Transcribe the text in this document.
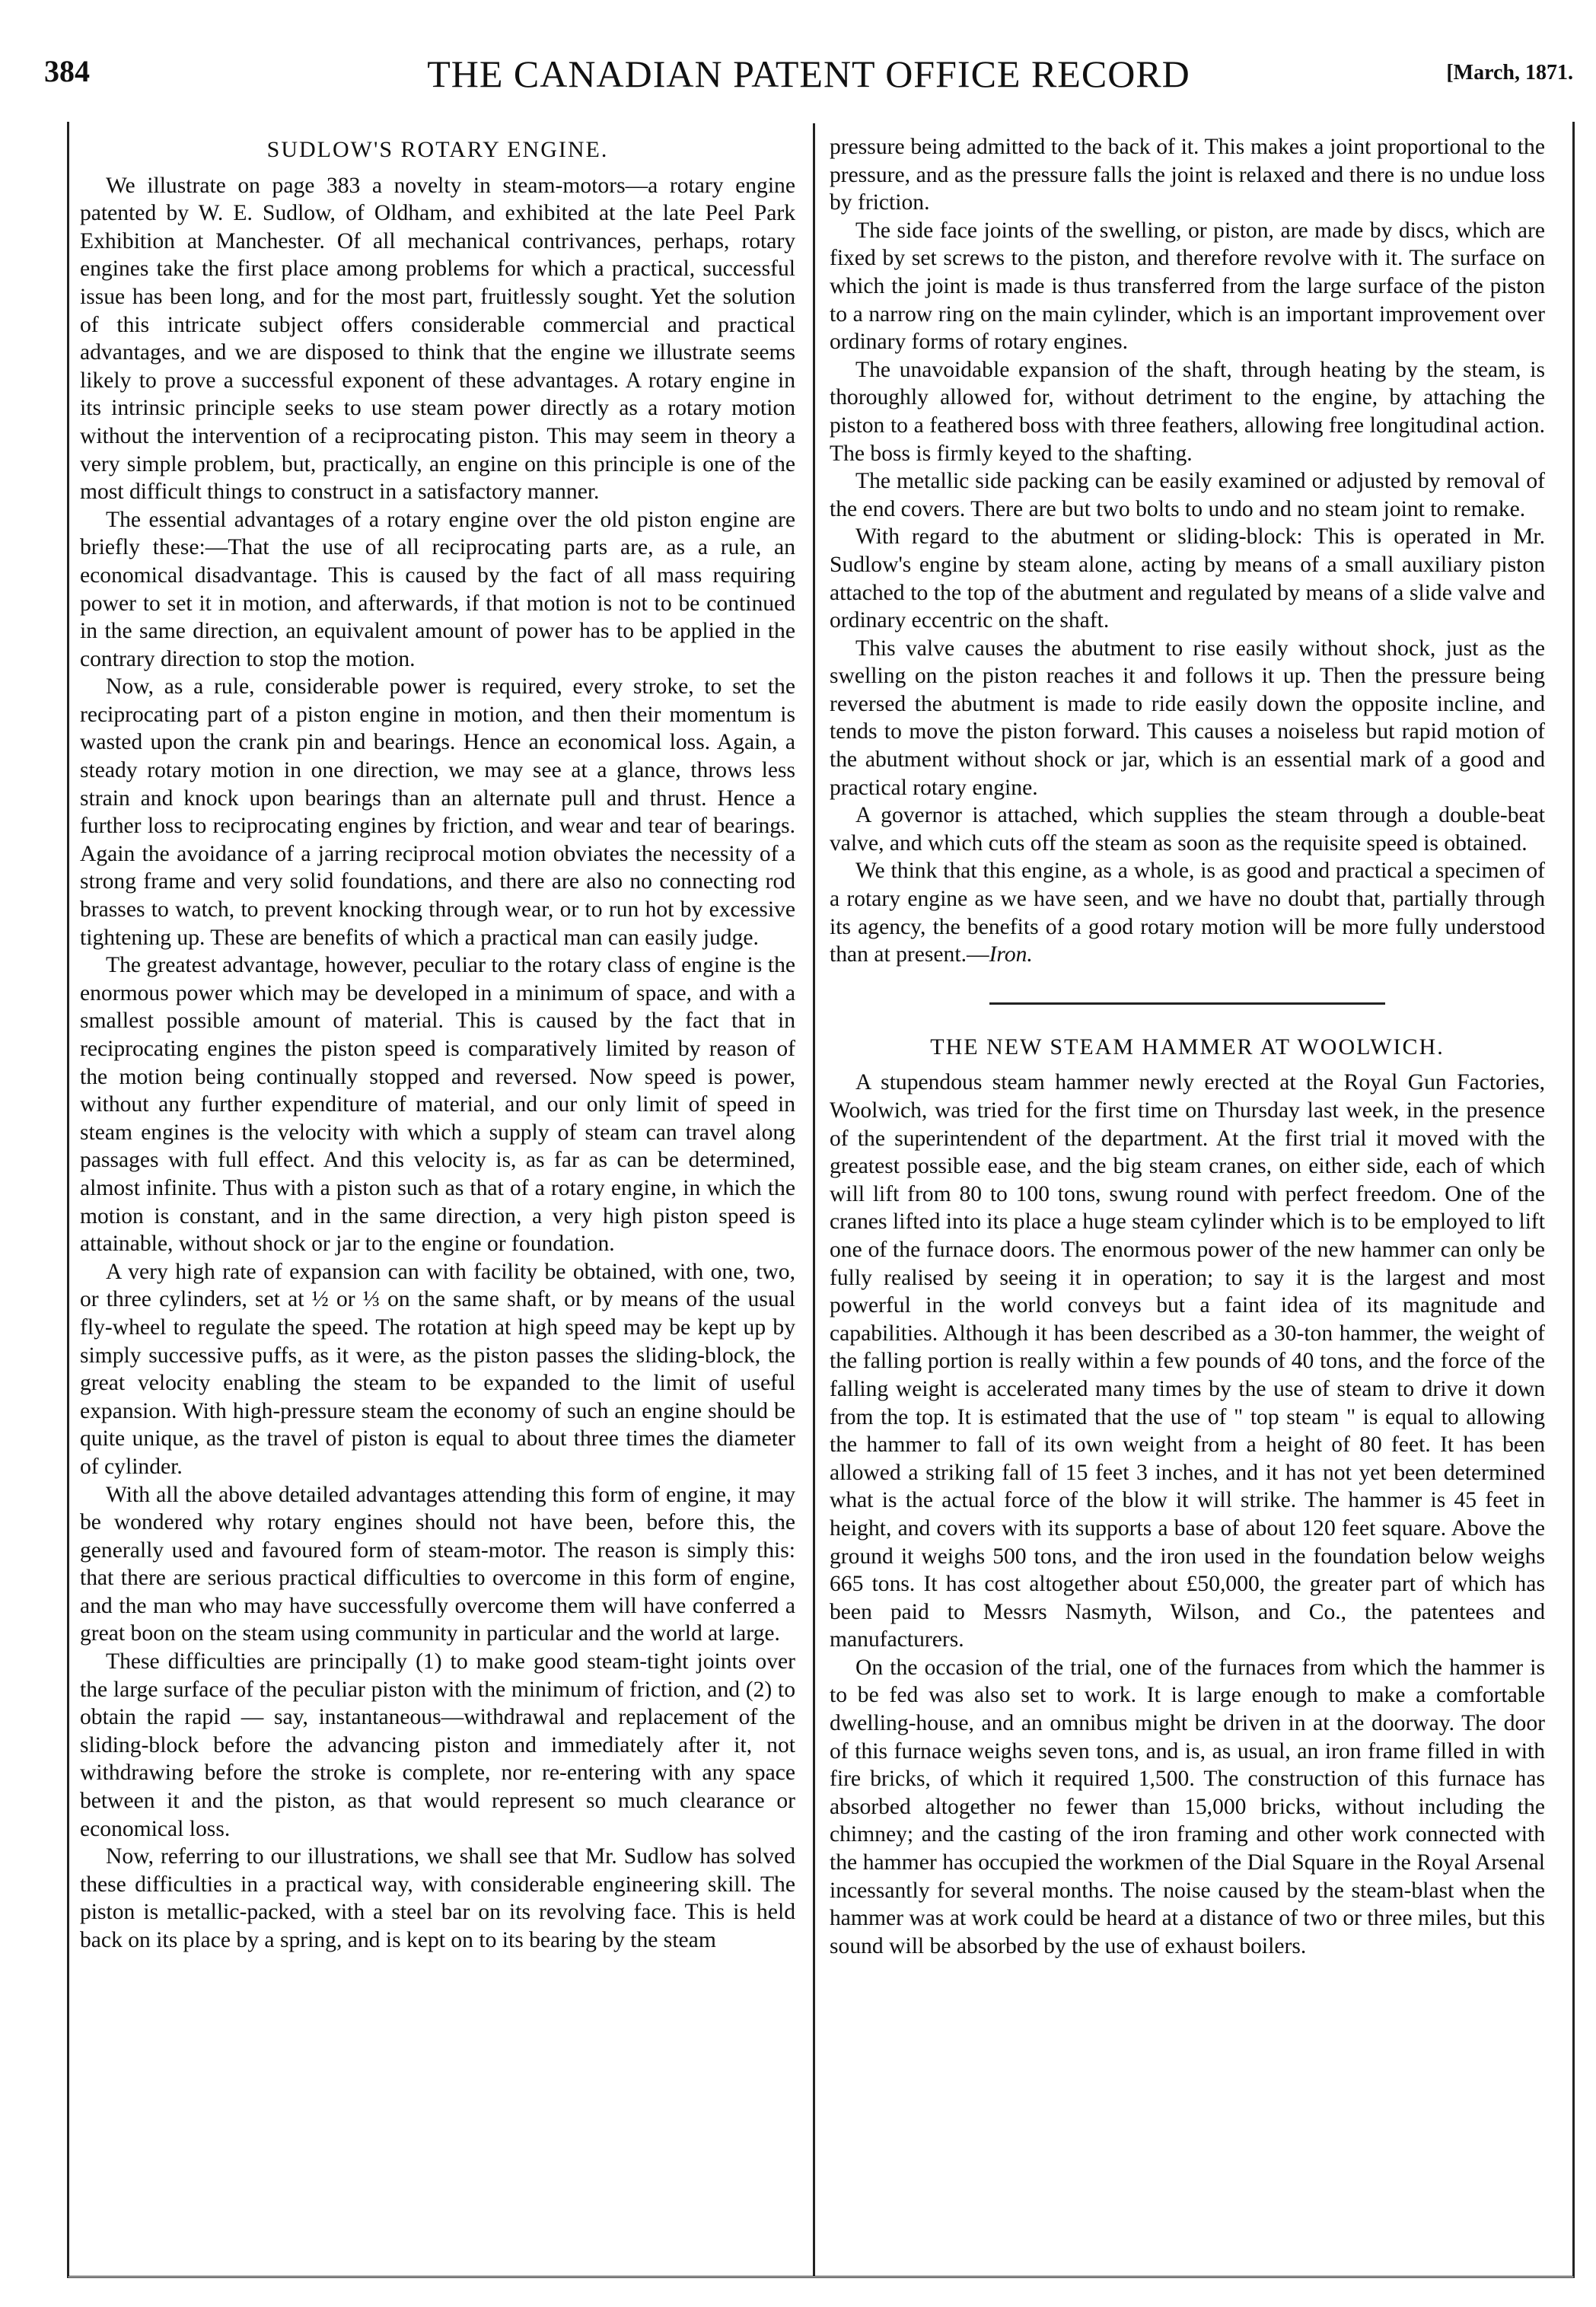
384	THE CANADIAN PATENT OFFICE RECORD	[March, 1871.
SUDLOW'S ROTARY ENGINE.

We illustrate on page 383 a novelty in steam-motors—a rotary engine patented by W. E. Sudlow, of Oldham, and exhibited at the late Peel Park Exhibition at Manchester. Of all mechanical contrivances, perhaps, rotary engines take the first place among problems for which a practical, successful issue has been long, and for the most part, fruitlessly sought. Yet the solution of this intricate subject offers considerable commercial and practical advantages, and we are disposed to think that the engine we illustrate seems likely to prove a successful exponent of these advantages. A rotary engine in its intrinsic principle seeks to use steam power directly as a rotary motion without the intervention of a reciprocating piston. This may seem in theory a very simple problem, but, practically, an engine on this principle is one of the most difficult things to construct in a satisfactory manner.

The essential advantages of a rotary engine over the old piston engine are briefly these:—That the use of all reciprocating parts are, as a rule, an economical disadvantage. This is caused by the fact of all mass requiring power to set it in motion, and afterwards, if that motion is not to be continued in the same direction, an equivalent amount of power has to be applied in the contrary direction to stop the motion.

Now, as a rule, considerable power is required, every stroke, to set the reciprocating part of a piston engine in motion, and then their momentum is wasted upon the crank pin and bearings. Hence an economical loss. Again, a steady rotary motion in one direction, we may see at a glance, throws less strain and knock upon bearings than an alternate pull and thrust. Hence a further loss to reciprocating engines by friction, and wear and tear of bearings. Again the avoidance of a jarring reciprocal motion obviates the necessity of a strong frame and very solid foundations, and there are also no connecting rod brasses to watch, to prevent knocking through wear, or to run hot by excessive tightening up. These are benefits of which a practical man can easily judge.

The greatest advantage, however, peculiar to the rotary class of engine is the enormous power which may be developed in a minimum of space, and with a smallest possible amount of material. This is caused by the fact that in reciprocating engines the piston speed is comparatively limited by reason of the motion being continually stopped and reversed. Now speed is power, without any further expenditure of material, and our only limit of speed in steam engines is the velocity with which a supply of steam can travel along passages with full effect. And this velocity is, as far as can be determined, almost infinite. Thus with a piston such as that of a rotary engine, in which the motion is constant, and in the same direction, a very high piston speed is attainable, without shock or jar to the engine or foundation.

A very high rate of expansion can with facility be obtained, with one, two, or three cylinders, set at ½ or ⅓ on the same shaft, or by means of the usual fly-wheel to regulate the speed. The rotation at high speed may be kept up by simply successive puffs, as it were, as the piston passes the sliding-block, the great velocity enabling the steam to be expanded to the limit of useful expansion. With high-pressure steam the economy of such an engine should be quite unique, as the travel of piston is equal to about three times the diameter of cylinder.

With all the above detailed advantages attending this form of engine, it may be wondered why rotary engines should not have been, before this, the generally used and favoured form of steam-motor. The reason is simply this: that there are serious practical difficulties to overcome in this form of engine, and the man who may have successfully overcome them will have conferred a great boon on the steam using community in particular and the world at large.

These difficulties are principally (1) to make good steam-tight joints over the large surface of the peculiar piston with the minimum of friction, and (2) to obtain the rapid — say, instantaneous—withdrawal and replacement of the sliding-block before the advancing piston and immediately after it, not withdrawing before the stroke is complete, nor re-entering with any space between it and the piston, as that would represent so much clearance or economical loss.

Now, referring to our illustrations, we shall see that Mr. Sudlow has solved these difficulties in a practical way, with considerable engineering skill. The piston is metallic-packed, with a steel bar on its revolving face. This is held back on its place by a spring, and is kept on to its bearing by the steam

pressure being admitted to the back of it. This makes a joint proportional to the pressure, and as the pressure falls the joint is relaxed and there is no undue loss by friction.

The side face joints of the swelling, or piston, are made by discs, which are fixed by set screws to the piston, and therefore revolve with it. The surface on which the joint is made is thus transferred from the large surface of the piston to a narrow ring on the main cylinder, which is an important improvement over ordinary forms of rotary engines.

The unavoidable expansion of the shaft, through heating by the steam, is thoroughly allowed for, without detriment to the engine, by attaching the piston to a feathered boss with three feathers, allowing free longitudinal action. The boss is firmly keyed to the shafting.

The metallic side packing can be easily examined or adjusted by removal of the end covers. There are but two bolts to undo and no steam joint to remake.

With regard to the abutment or sliding-block: This is operated in Mr. Sudlow's engine by steam alone, acting by means of a small auxiliary piston attached to the top of the abutment and regulated by means of a slide valve and ordinary eccentric on the shaft.

This valve causes the abutment to rise easily without shock, just as the swelling on the piston reaches it and follows it up. Then the pressure being reversed the abutment is made to ride easily down the opposite incline, and tends to move the piston forward. This causes a noiseless but rapid motion of the abutment without shock or jar, which is an essential mark of a good and practical rotary engine.

A governor is attached, which supplies the steam through a double-beat valve, and which cuts off the steam as soon as the requisite speed is obtained.

We think that this engine, as a whole, is as good and practical a specimen of a rotary engine as we have seen, and we have no doubt that, partially through its agency, the benefits of a good rotary motion will be more fully understood than at present.—Iron.

THE NEW STEAM HAMMER AT WOOLWICH.

A stupendous steam hammer newly erected at the Royal Gun Factories, Woolwich, was tried for the first time on Thursday last week, in the presence of the superintendent of the department. At the first trial it moved with the greatest possible ease, and the big steam cranes, on either side, each of which will lift from 80 to 100 tons, swung round with perfect freedom. One of the cranes lifted into its place a huge steam cylinder which is to be employed to lift one of the furnace doors. The enormous power of the new hammer can only be fully realised by seeing it in operation; to say it is the largest and most powerful in the world conveys but a faint idea of its magnitude and capabilities. Although it has been described as a 30-ton hammer, the weight of the falling portion is really within a few pounds of 40 tons, and the force of the falling weight is accelerated many times by the use of steam to drive it down from the top. It is estimated that the use of " top steam " is equal to allowing the hammer to fall of its own weight from a height of 80 feet. It has been allowed a striking fall of 15 feet 3 inches, and it has not yet been determined what is the actual force of the blow it will strike. The hammer is 45 feet in height, and covers with its supports a base of about 120 feet square. Above the ground it weighs 500 tons, and the iron used in the foundation below weighs 665 tons. It has cost altogether about £50,000, the greater part of which has been paid to Messrs Nasmyth, Wilson, and Co., the patentees and manufacturers.

On the occasion of the trial, one of the furnaces from which the hammer is to be fed was also set to work. It is large enough to make a comfortable dwelling-house, and an omnibus might be driven in at the doorway. The door of this furnace weighs seven tons, and is, as usual, an iron frame filled in with fire bricks, of which it required 1,500. The construction of this furnace has absorbed altogether no fewer than 15,000 bricks, without including the chimney; and the casting of the iron framing and other work connected with the hammer has occupied the workmen of the Dial Square in the Royal Arsenal incessantly for several months. The noise caused by the steam-blast when the hammer was at work could be heard at a distance of two or three miles, but this sound will be absorbed by the use of exhaust boilers.
